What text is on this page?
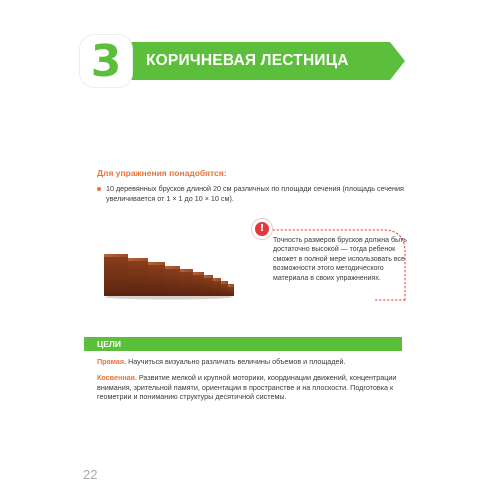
3 КОРИЧНЕВАЯ ЛЕСТНИЦА
Для упражнения понадобятся:
10 деревянных брусков длиной 20 см различных по площади сечения (площадь сечения увеличивается от 1 × 1 до 10 × 10 см).
!
Точность размеров брусков должна быть достаточно высокой — тогда ребенок сможет в полной мере использовать все возможности этого методического материала в своих упражнениях.
ЦЕЛИ

Прямая. Научиться визуально различать величины объемов и площадей.

Косвенная. Развитие мелкой и крупной моторики, координации движений, концентрации внимания, зрительной памяти, ориентации в пространстве и на плоскости. Подготовка к геометрии и пониманию структуры десятичной системы.

22
